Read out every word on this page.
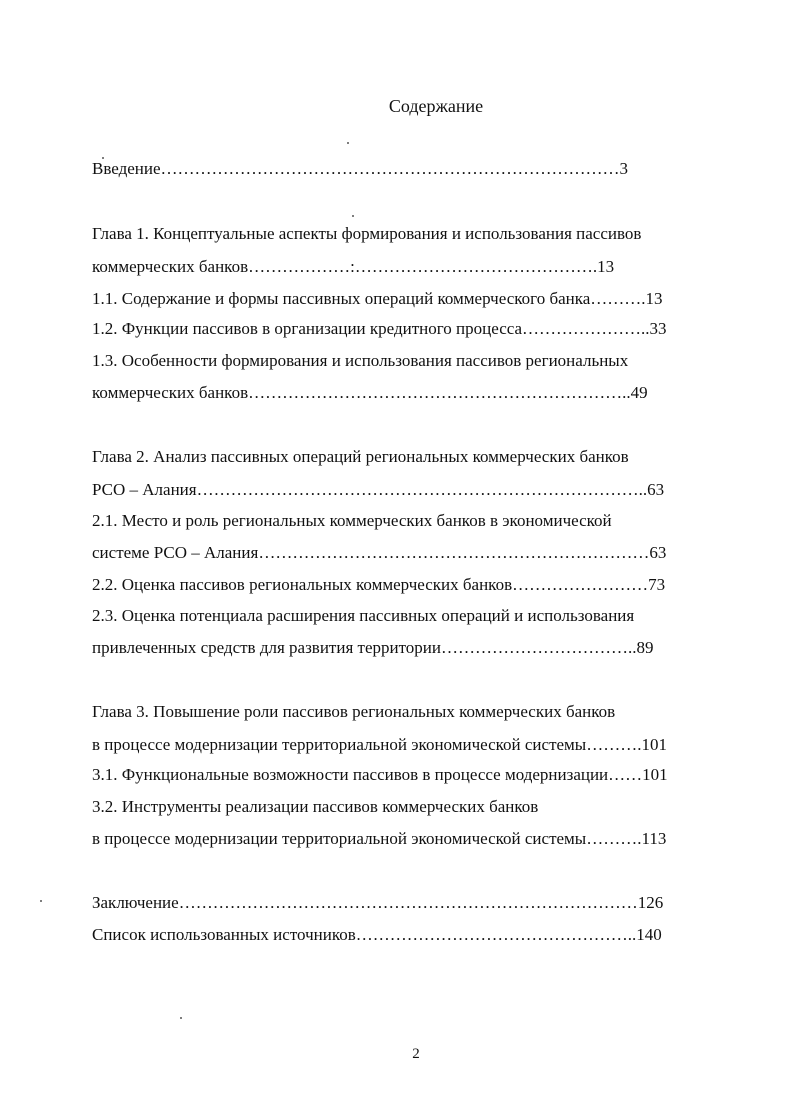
Содержание
Введение………………………………………………………………………3
Глава 1. Концептуальные аспекты формирования и использования пассивов
коммерческих банков………………:…………………………………….13
1.1. Содержание и формы пассивных операций коммерческого банка……….13
1.2. Функции пассивов в организации кредитного процесса…………………..33
1.3. Особенности формирования и использования пассивов региональных
коммерческих банков…………………………………………………………..49
Глава 2. Анализ пассивных операций региональных коммерческих банков
РСО – Алания……………………………………………………………………..63
2.1. Место и роль региональных коммерческих банков в экономической
системе РСО – Алания……………………………………………………………63
2.2. Оценка пассивов региональных коммерческих банков……………………73
2.3. Оценка потенциала расширения пассивных операций и использования
привлеченных средств для развития территории……………………………..89
Глава 3. Повышение роли пассивов региональных коммерческих банков
в процессе модернизации территориальной экономической системы……….101
3.1. Функциональные возможности пассивов в процессе модернизации……101
3.2. Инструменты реализации пассивов коммерческих банков
в процессе модернизации территориальной экономической системы……….113
Заключение………………………………………………………………………126
Список использованных источников…………………………………………..140
2
